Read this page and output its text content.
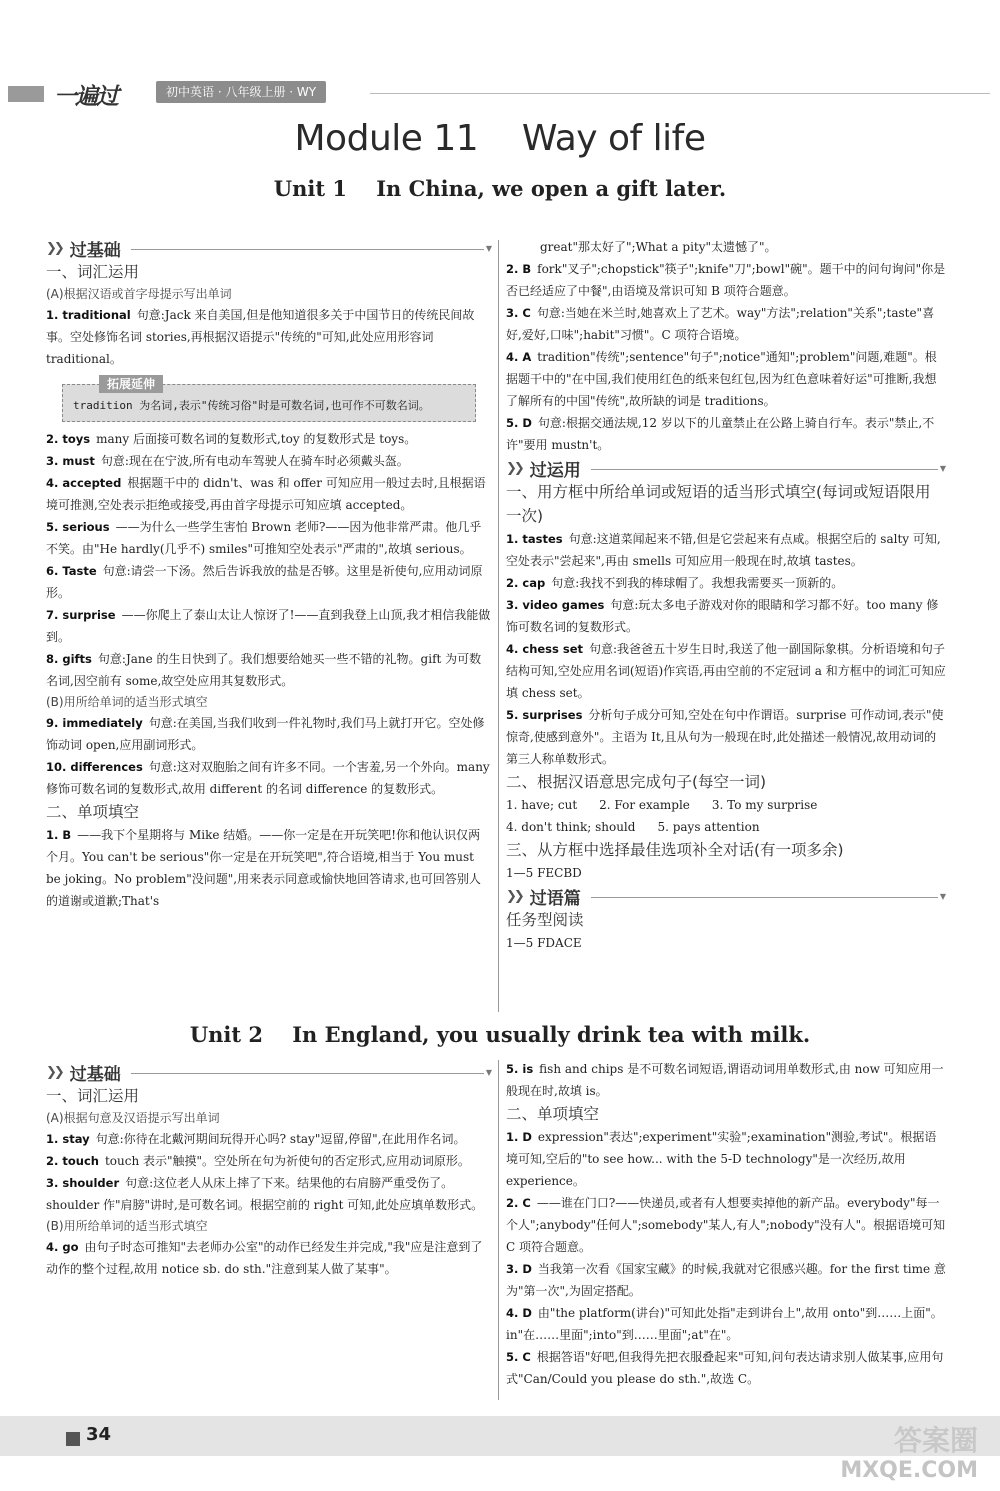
一遍过	初中英语 · 八年级上册 · WY
Module 11    Way of life
Unit 1    In China, we open a gift later.
❯❯ 过基础	▼
一、词汇运用
(A)根据汉语或首字母提示写出单词
1. traditional 句意:Jack 来自美国,但是他知道很多关于中国节日的传统民间故事。空处修饰名词 stories,再根据汉语提示"传统的"可知,此处应用形容词 traditional。
拓展延伸
tradition 为名词,表示"传统习俗"时是可数名词,也可作不可数名词。
2. toys many 后面接可数名词的复数形式,toy 的复数形式是 toys。
3. must 句意:现在在宁波,所有电动车驾驶人在骑车时必须戴头盔。
4. accepted 根据题干中的 didn't、was 和 offer 可知应用一般过去时,且根据语境可推测,空处表示拒绝或接受,再由首字母提示可知应填 accepted。
5. serious ——为什么一些学生害怕 Brown 老师?——因为他非常严肃。他几乎不笑。由"He hardly(几乎不) smiles"可推知空处表示"严肃的",故填 serious。
6. Taste 句意:请尝一下汤。然后告诉我放的盐是否够。这里是祈使句,应用动词原形。
7. surprise ——你爬上了泰山太让人惊讶了!——直到我登上山顶,我才相信我能做到。
8. gifts 句意:Jane 的生日快到了。我们想要给她买一些不错的礼物。gift 为可数名词,因空前有 some,故空处应用其复数形式。
(B)用所给单词的适当形式填空
9. immediately 句意:在美国,当我们收到一件礼物时,我们马上就打开它。空处修饰动词 open,应用副词形式。
10. differences 句意:这对双胞胎之间有许多不同。一个害羞,另一个外向。many 修饰可数名词的复数形式,故用 different 的名词 difference 的复数形式。
二、单项填空
1. B ——我下个星期将与 Mike 结婚。——你一定是在开玩笑吧!你和他认识仅两个月。You can't be serious"你一定是在开玩笑吧",符合语境,相当于 You must be joking。No problem"没问题",用来表示同意或愉快地回答请求,也可回答别人的道谢或道歉;That's
great"那太好了";What a pity"太遗憾了"。
2. B fork"叉子";chopstick"筷子";knife"刀";bowl"碗"。题干中的问句询问"你是否已经适应了中餐",由语境及常识可知 B 项符合题意。
3. C 句意:当她在米兰时,她喜欢上了艺术。way"方法";relation"关系";taste"喜好,爱好,口味";habit"习惯"。C 项符合语境。
4. A tradition"传统";sentence"句子";notice"通知";problem"问题,难题"。根据题干中的"在中国,我们使用红色的纸来包红包,因为红色意味着好运"可推断,我想了解所有的中国"传统",故所缺的词是 traditions。
5. D 句意:根据交通法规,12 岁以下的儿童禁止在公路上骑自行车。表示"禁止,不许"要用 mustn't。
❯❯ 过运用	▼
一、用方框中所给单词或短语的适当形式填空(每词或短语限用一次)
1. tastes 句意:这道菜闻起来不错,但是它尝起来有点咸。根据空后的 salty 可知,空处表示"尝起来",再由 smells 可知应用一般现在时,故填 tastes。
2. cap 句意:我找不到我的棒球帽了。我想我需要买一顶新的。
3. video games 句意:玩太多电子游戏对你的眼睛和学习都不好。too many 修饰可数名词的复数形式。
4. chess set 句意:我爸爸五十岁生日时,我送了他一副国际象棋。分析语境和句子结构可知,空处应用名词(短语)作宾语,再由空前的不定冠词 a 和方框中的词汇可知应填 chess set。
5. surprises 分析句子成分可知,空处在句中作谓语。surprise 可作动词,表示"使惊奇,使感到意外"。主语为 It,且从句为一般现在时,此处描述一般情况,故用动词的第三人称单数形式。
二、根据汉语意思完成句子(每空一词)
1. have; cut 2. For example 3. To my surprise
4. don't think; should 5. pays attention
三、从方框中选择最佳选项补全对话(有一项多余)
1—5 FECBD
❯❯ 过语篇	▼
任务型阅读
1—5 FDACE
Unit 2    In England, you usually drink tea with milk.
❯❯ 过基础	▼
一、词汇运用
(A)根据句意及汉语提示写出单词
1. stay 句意:你待在北戴河期间玩得开心吗? stay"逗留,停留",在此用作名词。
2. touch touch 表示"触摸"。空处所在句为祈使句的否定形式,应用动词原形。
3. shoulder 句意:这位老人从床上摔了下来。结果他的右肩膀严重受伤了。shoulder 作"肩膀"讲时,是可数名词。根据空前的 right 可知,此处应填单数形式。
(B)用所给单词的适当形式填空
4. go 由句子时态可推知"去老师办公室"的动作已经发生并完成,"我"应是注意到了动作的整个过程,故用 notice sb. do sth."注意到某人做了某事"。
5. is fish and chips 是不可数名词短语,谓语动词用单数形式,由 now 可知应用一般现在时,故填 is。
二、单项填空
1. D expression"表达";experiment"实验";examination"测验,考试"。根据语境可知,空后的"to see how... with the 5-D technology"是一次经历,故用 experience。
2. C ——谁在门口?——快递员,或者有人想要卖掉他的新产品。everybody"每一个人";anybody"任何人";somebody"某人,有人";nobody"没有人"。根据语境可知 C 项符合题意。
3. D 当我第一次看《国家宝藏》的时候,我就对它很感兴趣。for the first time 意为"第一次",为固定搭配。
4. D 由"the platform(讲台)"可知此处指"走到讲台上",故用 onto"到……上面"。in"在……里面";into"到……里面";at"在"。
5. C 根据答语"好吧,但我得先把衣服叠起来"可知,问句表达请求别人做某事,应用句式"Can/Could you please do sth.",故选 C。
34	答案圈
MXQE.COM
